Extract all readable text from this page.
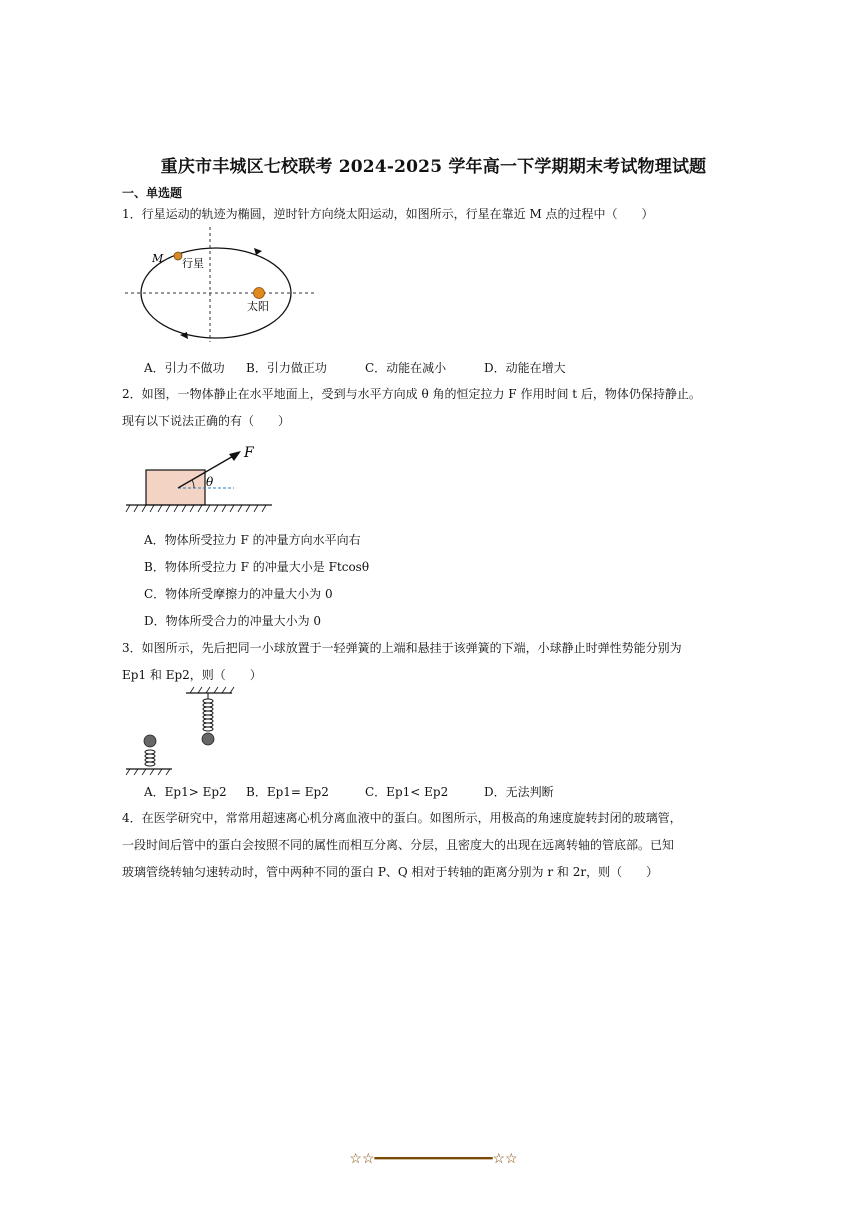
重庆市丰城区七校联考 2024-2025 学年高一下学期期末考试物理试题
一、单选题
1．行星运动的轨迹为椭圆，逆时针方向绕太阳运动，如图所示，行星在靠近 M 点的过程中（　　）
M 行星
太阳
A．引力不做功 B．引力做正功	C．动能在减小	D．动能在增大
2．如图，一物体静止在水平地面上，受到与水平方向成 θ 角的恒定拉力 F 作用时间 t 后，物体仍保持静止。
现有以下说法正确的有（　　）
F
θ
A．物体所受拉力 F 的冲量方向水平向右
B．物体所受拉力 F 的冲量大小是 Ftcosθ
C．物体所受摩擦力的冲量大小为 0
D．物体所受合力的冲量大小为 0
3．如图所示，先后把同一小球放置于一轻弹簧的上端和悬挂于该弹簧的下端，小球静止时弹性势能分别为
Ep1 和 Ep2，则（　　）
A．Ep1> Ep2 B．Ep1= Ep2	C．Ep1< Ep2	D．无法判断
4．在医学研究中，常常用超速离心机分离血液中的蛋白。如图所示，用极高的角速度旋转封闭的玻璃管，
一段时间后管中的蛋白会按照不同的属性而相互分离、分层，且密度大的出现在远离转轴的管底部。已知
玻璃管绕转轴匀速转动时，管中两种不同的蛋白 P、Q 相对于转轴的距离分别为 r 和 2r，则（　　）
☆☆━━━━━━━━━━━━━━☆☆
